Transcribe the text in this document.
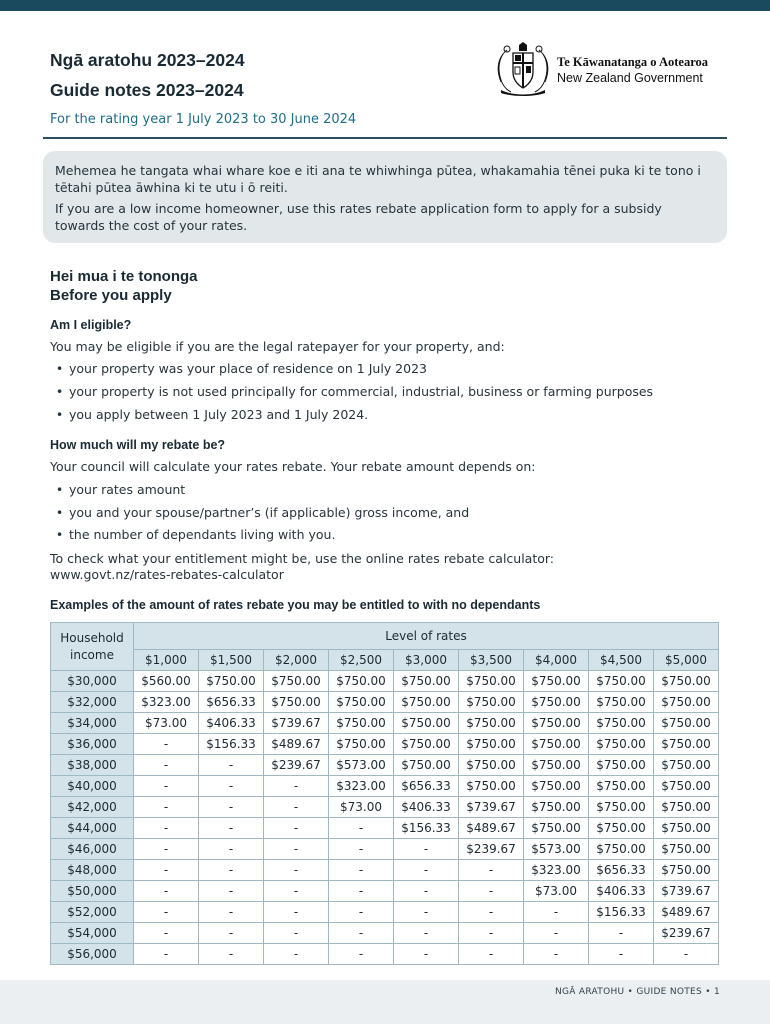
Ngā aratohu 2023–2024
Guide notes 2023–2024
Te Kāwanatanga o Aotearoa
New Zealand Government
For the rating year 1 July 2023 to 30 June 2024

Mehemea he tangata whai whare koe e iti ana te whiwhinga pūtea, whakamahia tēnei puka ki te tono i tētahi pūtea āwhina ki te utu i ō reiti.

If you are a low income homeowner, use this rates rebate application form to apply for a subsidy towards the cost of your rates.

Hei mua i te tononga
Before you apply
Am I eligible?
You may be eligible if you are the legal ratepayer for your property, and:
• your property was your place of residence on 1 July 2023
• your property is not used principally for commercial, industrial, business or farming purposes
• you apply between 1 July 2023 and 1 July 2024.
How much will my rebate be?
Your council will calculate your rates rebate. Your rebate amount depends on:
• your rates amount
• you and your spouse/partner’s (if applicable) gross income, and
• the number of dependants living with you.
To check what your entitlement might be, use the online rates rebate calculator:
www.govt.nz/rates-rebates-calculator
Examples of the amount of rates rebate you may be entitled to with no dependants
Household
income	Level of rates								
	$1,000	$1,500	$2,000	$2,500	$3,000	$3,500	$4,000	$4,500	$5,000
$30,000	$560.00	$750.00	$750.00	$750.00	$750.00	$750.00	$750.00	$750.00	$750.00
$32,000	$323.00	$656.33	$750.00	$750.00	$750.00	$750.00	$750.00	$750.00	$750.00
$34,000	$73.00	$406.33	$739.67	$750.00	$750.00	$750.00	$750.00	$750.00	$750.00
$36,000	-	$156.33	$489.67	$750.00	$750.00	$750.00	$750.00	$750.00	$750.00
$38,000	-	-	$239.67	$573.00	$750.00	$750.00	$750.00	$750.00	$750.00
$40,000	-	-	-	$323.00	$656.33	$750.00	$750.00	$750.00	$750.00
$42,000	-	-	-	$73.00	$406.33	$739.67	$750.00	$750.00	$750.00
$44,000	-	-	-	-	$156.33	$489.67	$750.00	$750.00	$750.00
$46,000	-	-	-	-	-	$239.67	$573.00	$750.00	$750.00
$48,000	-	-	-	-	-	-	$323.00	$656.33	$750.00
$50,000	-	-	-	-	-	-	$73.00	$406.33	$739.67
$52,000	-	-	-	-	-	-	-	$156.33	$489.67
$54,000	-	-	-	-	-	-	-	-	$239.67
$56,000	-	-	-	-	-	-	-	-	-
NGĀ ARATOHU • GUIDE NOTES • 1
